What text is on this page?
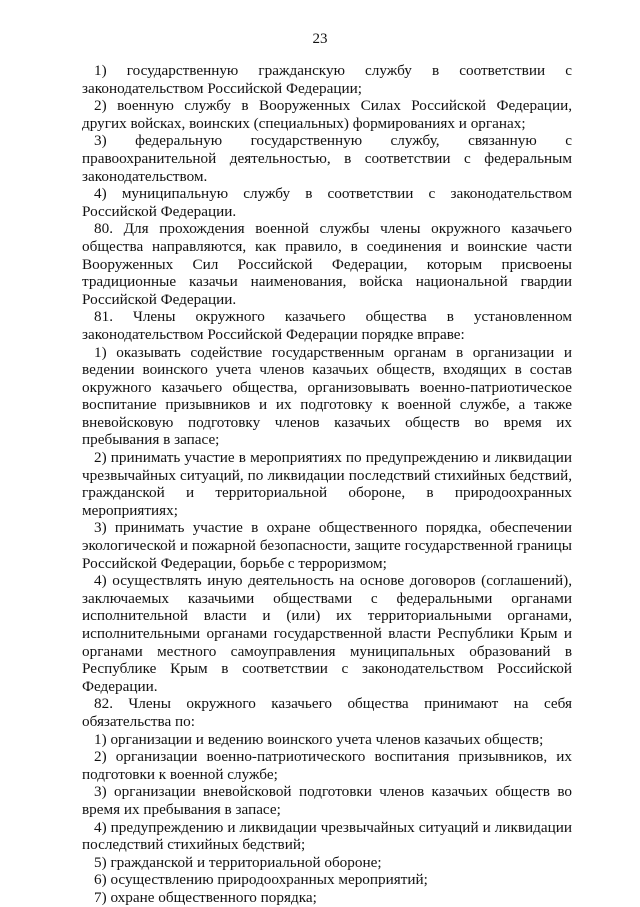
23

1) государственную гражданскую службу в соответствии с законодательством Российской Федерации;

2) военную службу в Вооруженных Силах Российской Федерации, других войсках, воинских (специальных) формированиях и органах;

3) федеральную государственную службу, связанную с правоохранительной деятельностью, в соответствии с федеральным законодательством.

4) муниципальную службу в соответствии с законодательством Российской Федерации.

80. Для прохождения военной службы члены окружного казачьего общества направляются, как правило, в соединения и воинские части Вооруженных Сил Российской Федерации, которым присвоены традиционные казачьи наименования, войска национальной гвардии Российской Федерации.

81. Члены окружного казачьего общества в установленном законодательством Российской Федерации порядке вправе:

1) оказывать содействие государственным органам в организации и ведении воинского учета членов казачьих обществ, входящих в состав окружного казачьего общества, организовывать военно-патриотическое воспитание призывников и их подготовку к военной службе, а также вневойсковую подготовку членов казачьих обществ во время их пребывания в запасе;

2) принимать участие в мероприятиях по предупреждению и ликвидации чрезвычайных ситуаций, по ликвидации последствий стихийных бедствий, гражданской и территориальной обороне, в природоохранных мероприятиях;

3) принимать участие в охране общественного порядка, обеспечении экологической и пожарной безопасности, защите государственной границы Российской Федерации, борьбе с терроризмом;

4) осуществлять иную деятельность на основе договоров (соглашений), заключаемых казачьими обществами с федеральными органами исполнительной власти и (или) их территориальными органами, исполнительными органами государственной власти Республики Крым и органами местного самоуправления муниципальных образований в Республике Крым в соответствии с законодательством Российской Федерации.

82. Члены окружного казачьего общества принимают на себя обязательства по:

1) организации и ведению воинского учета членов казачьих обществ;

2) организации военно-патриотического воспитания призывников, их подготовки к военной службе;

3) организации вневойсковой подготовки членов казачьих обществ во время их пребывания в запасе;

4) предупреждению и ликвидации чрезвычайных ситуаций и ликвидации последствий стихийных бедствий;

5) гражданской и территориальной обороне;

6) осуществлению природоохранных мероприятий;

7) охране общественного порядка;
